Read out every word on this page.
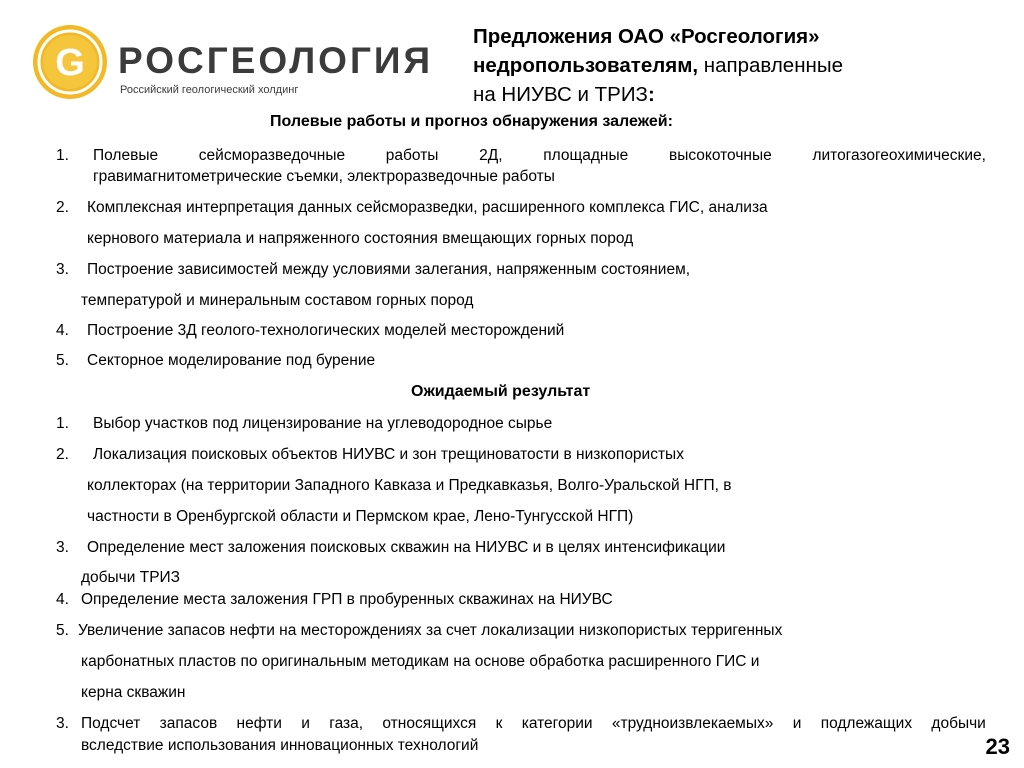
G РОСГЕОЛОГИЯ
Российский геологический холдинг
Предложения ОАО «Росгеология»
недропользователям, направленные
на НИУВС и ТРИЗ:
Полевые работы и прогноз обнаружения залежей:
1. Полевые	сейсморазведочные	работы	2Д,	площадные	высокоточные	литогазогеохимические,
гравимагнитометрические съемки, электроразведочные работы
2. Комплексная интерпретация данных сейсморазведки, расширенного комплекса ГИС, анализа
кернового материала и напряженного состояния вмещающих горных пород
3. Построение зависимостей между условиями залегания, напряженным состоянием,
температурой и минеральным составом горных пород
4. Построение 3Д геолого-технологических моделей месторождений
5. Секторное моделирование под бурение
Ожидаемый результат
1. Выбор участков под лицензирование на углеводородное сырье
2. Локализация поисковых объектов НИУВС и зон трещиноватости в низкопористых
коллекторах (на территории Западного Кавказа и Предкавказья, Волго-Уральской НГП, в
частности в Оренбургской области и Пермском крае, Лено-Тунгусской НГП)
3. Определение мест заложения поисковых скважин на НИУВС и в целях интенсификации
добычи ТРИЗ
4. Определение места заложения ГРП в пробуренных скважинах на НИУВС
5. Увеличение запасов нефти на месторождениях за счет локализации низкопористых терригенных
карбонатных пластов по оригинальным методикам на основе обработка расширенного ГИС и
керна скважин
3. Подсчет запасов нефти и газа, относящихся к категории «трудноизвлекаемых» и подлежащих добычи
вследствие использования инновационных технологий	23
